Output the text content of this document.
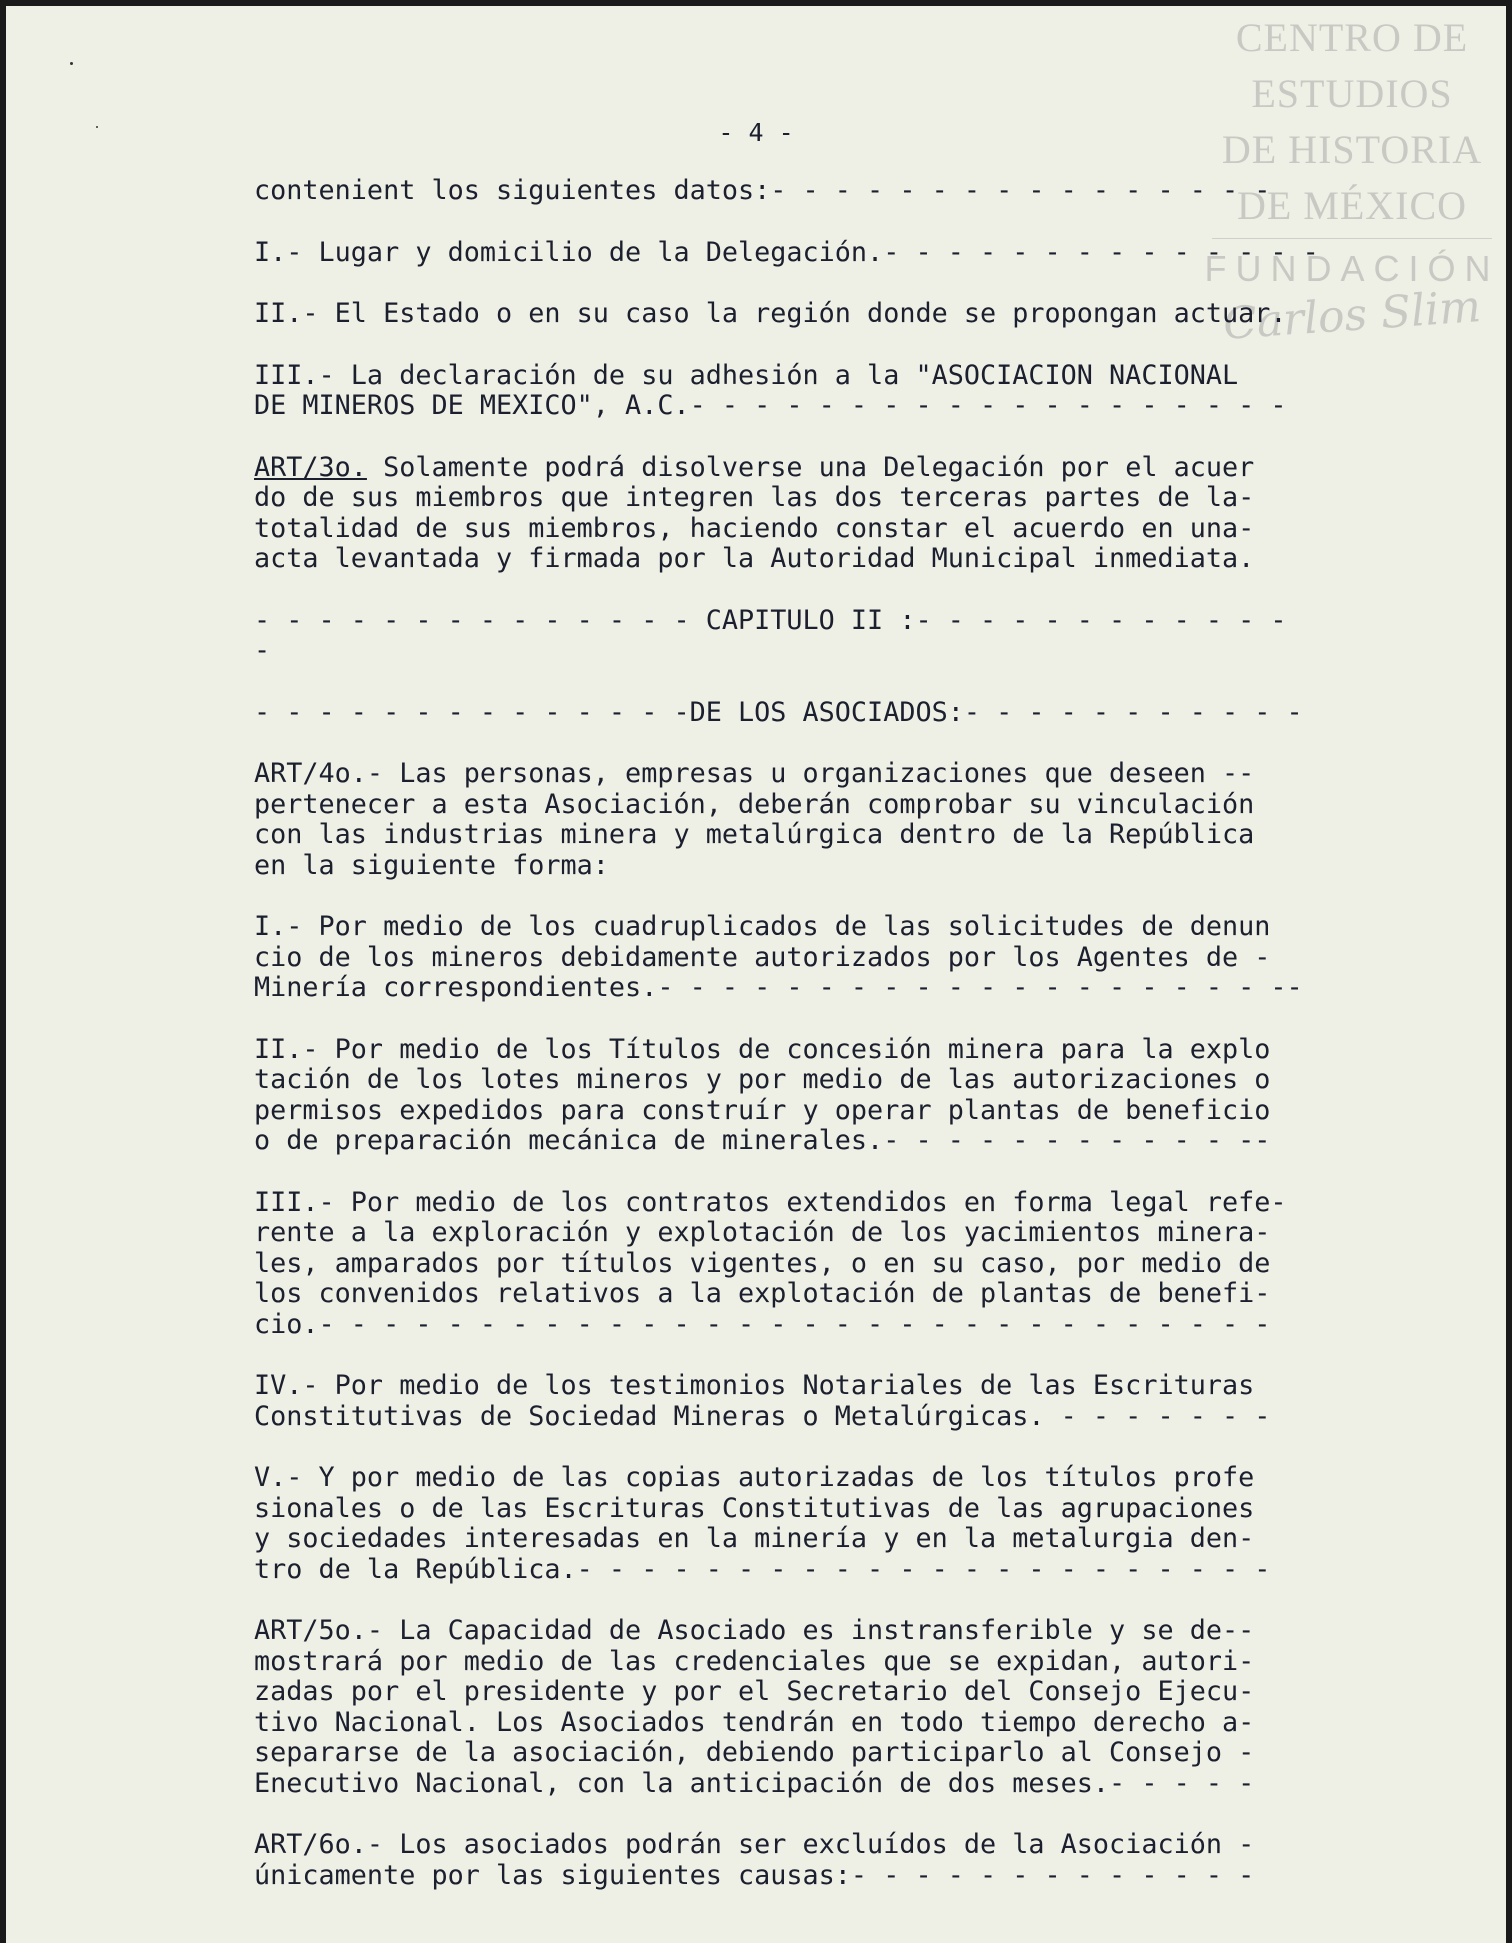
CENTRO DE
ESTUDIOS
DE HISTORIA
DE MÉXICO
FUNDACIÓN
Carlos Slim
- 4 -
contenient los siguientes datos:- - - - - - - - - - - - - - - -
I.- Lugar y domicilio de la Delegación.- - - - - - - - - - - - - -
II.- El Estado o en su caso la región donde se propongan actuar.
III.- La declaración de su adhesión a la "ASOCIACION NACIONAL
DE MINEROS DE MEXICO", A.C.- - - - - - - - - - - - - - - - - - -
ART/3o. Solamente podrá disolverse una Delegación por el acuer
do de sus miembros que integren las dos terceras partes de la-
totalidad de sus miembros, haciendo constar el acuerdo en una-
acta levantada y firmada por la Autoridad Municipal inmediata.
- - - - - - - - - - - - - - CAPITULO II :- - - - - - - - - - - -
-
- - - - - - - - - - - - - -DE LOS ASOCIADOS:- - - - - - - - - - -
ART/4o.- Las personas, empresas u organizaciones que deseen --
pertenecer a esta Asociación, deberán comprobar su vinculación
con las industrias minera y metalúrgica dentro de la República
en la siguiente forma:
I.- Por medio de los cuadruplicados de las solicitudes de denun
cio de los mineros debidamente autorizados por los Agentes de -
Minería correspondientes.- - - - - - - - - - - - - - - - - - - --
II.- Por medio de los Títulos de concesión minera para la explo
tación de los lotes mineros y por medio de las autorizaciones o
permisos expedidos para construír y operar plantas de beneficio
o de preparación mecánica de minerales.- - - - - - - - - - - --
III.- Por medio de los contratos extendidos en forma legal refe-
rente a la exploración y explotación de los yacimientos minera-
les, amparados por títulos vigentes, o en su caso, por medio de
los convenidos relativos a la explotación de plantas de benefi-
cio.- - - - - - - - - - - - - - - - - - - - - - - - - - - - - -
IV.- Por medio de los testimonios Notariales de las Escrituras
Constitutivas de Sociedad Mineras o Metalúrgicas. - - - - - - -
V.- Y por medio de las copias autorizadas de los títulos profe
sionales o de las Escrituras Constitutivas de las agrupaciones
y sociedades interesadas en la minería y en la metalurgia den-
tro de la República.- - - - - - - - - - - - - - - - - - - - - -
ART/5o.- La Capacidad de Asociado es instransferible y se de--
mostrará por medio de las credenciales que se expidan, autori-
zadas por el presidente y por el Secretario del Consejo Ejecu-
tivo Nacional. Los Asociados tendrán en todo tiempo derecho a-
separarse de la asociación, debiendo participarlo al Consejo -
Enecutivo Nacional, con la anticipación de dos meses.- - - - -
ART/6o.- Los asociados podrán ser excluídos de la Asociación -
únicamente por las siguientes causas:- - - - - - - - - - - - -
